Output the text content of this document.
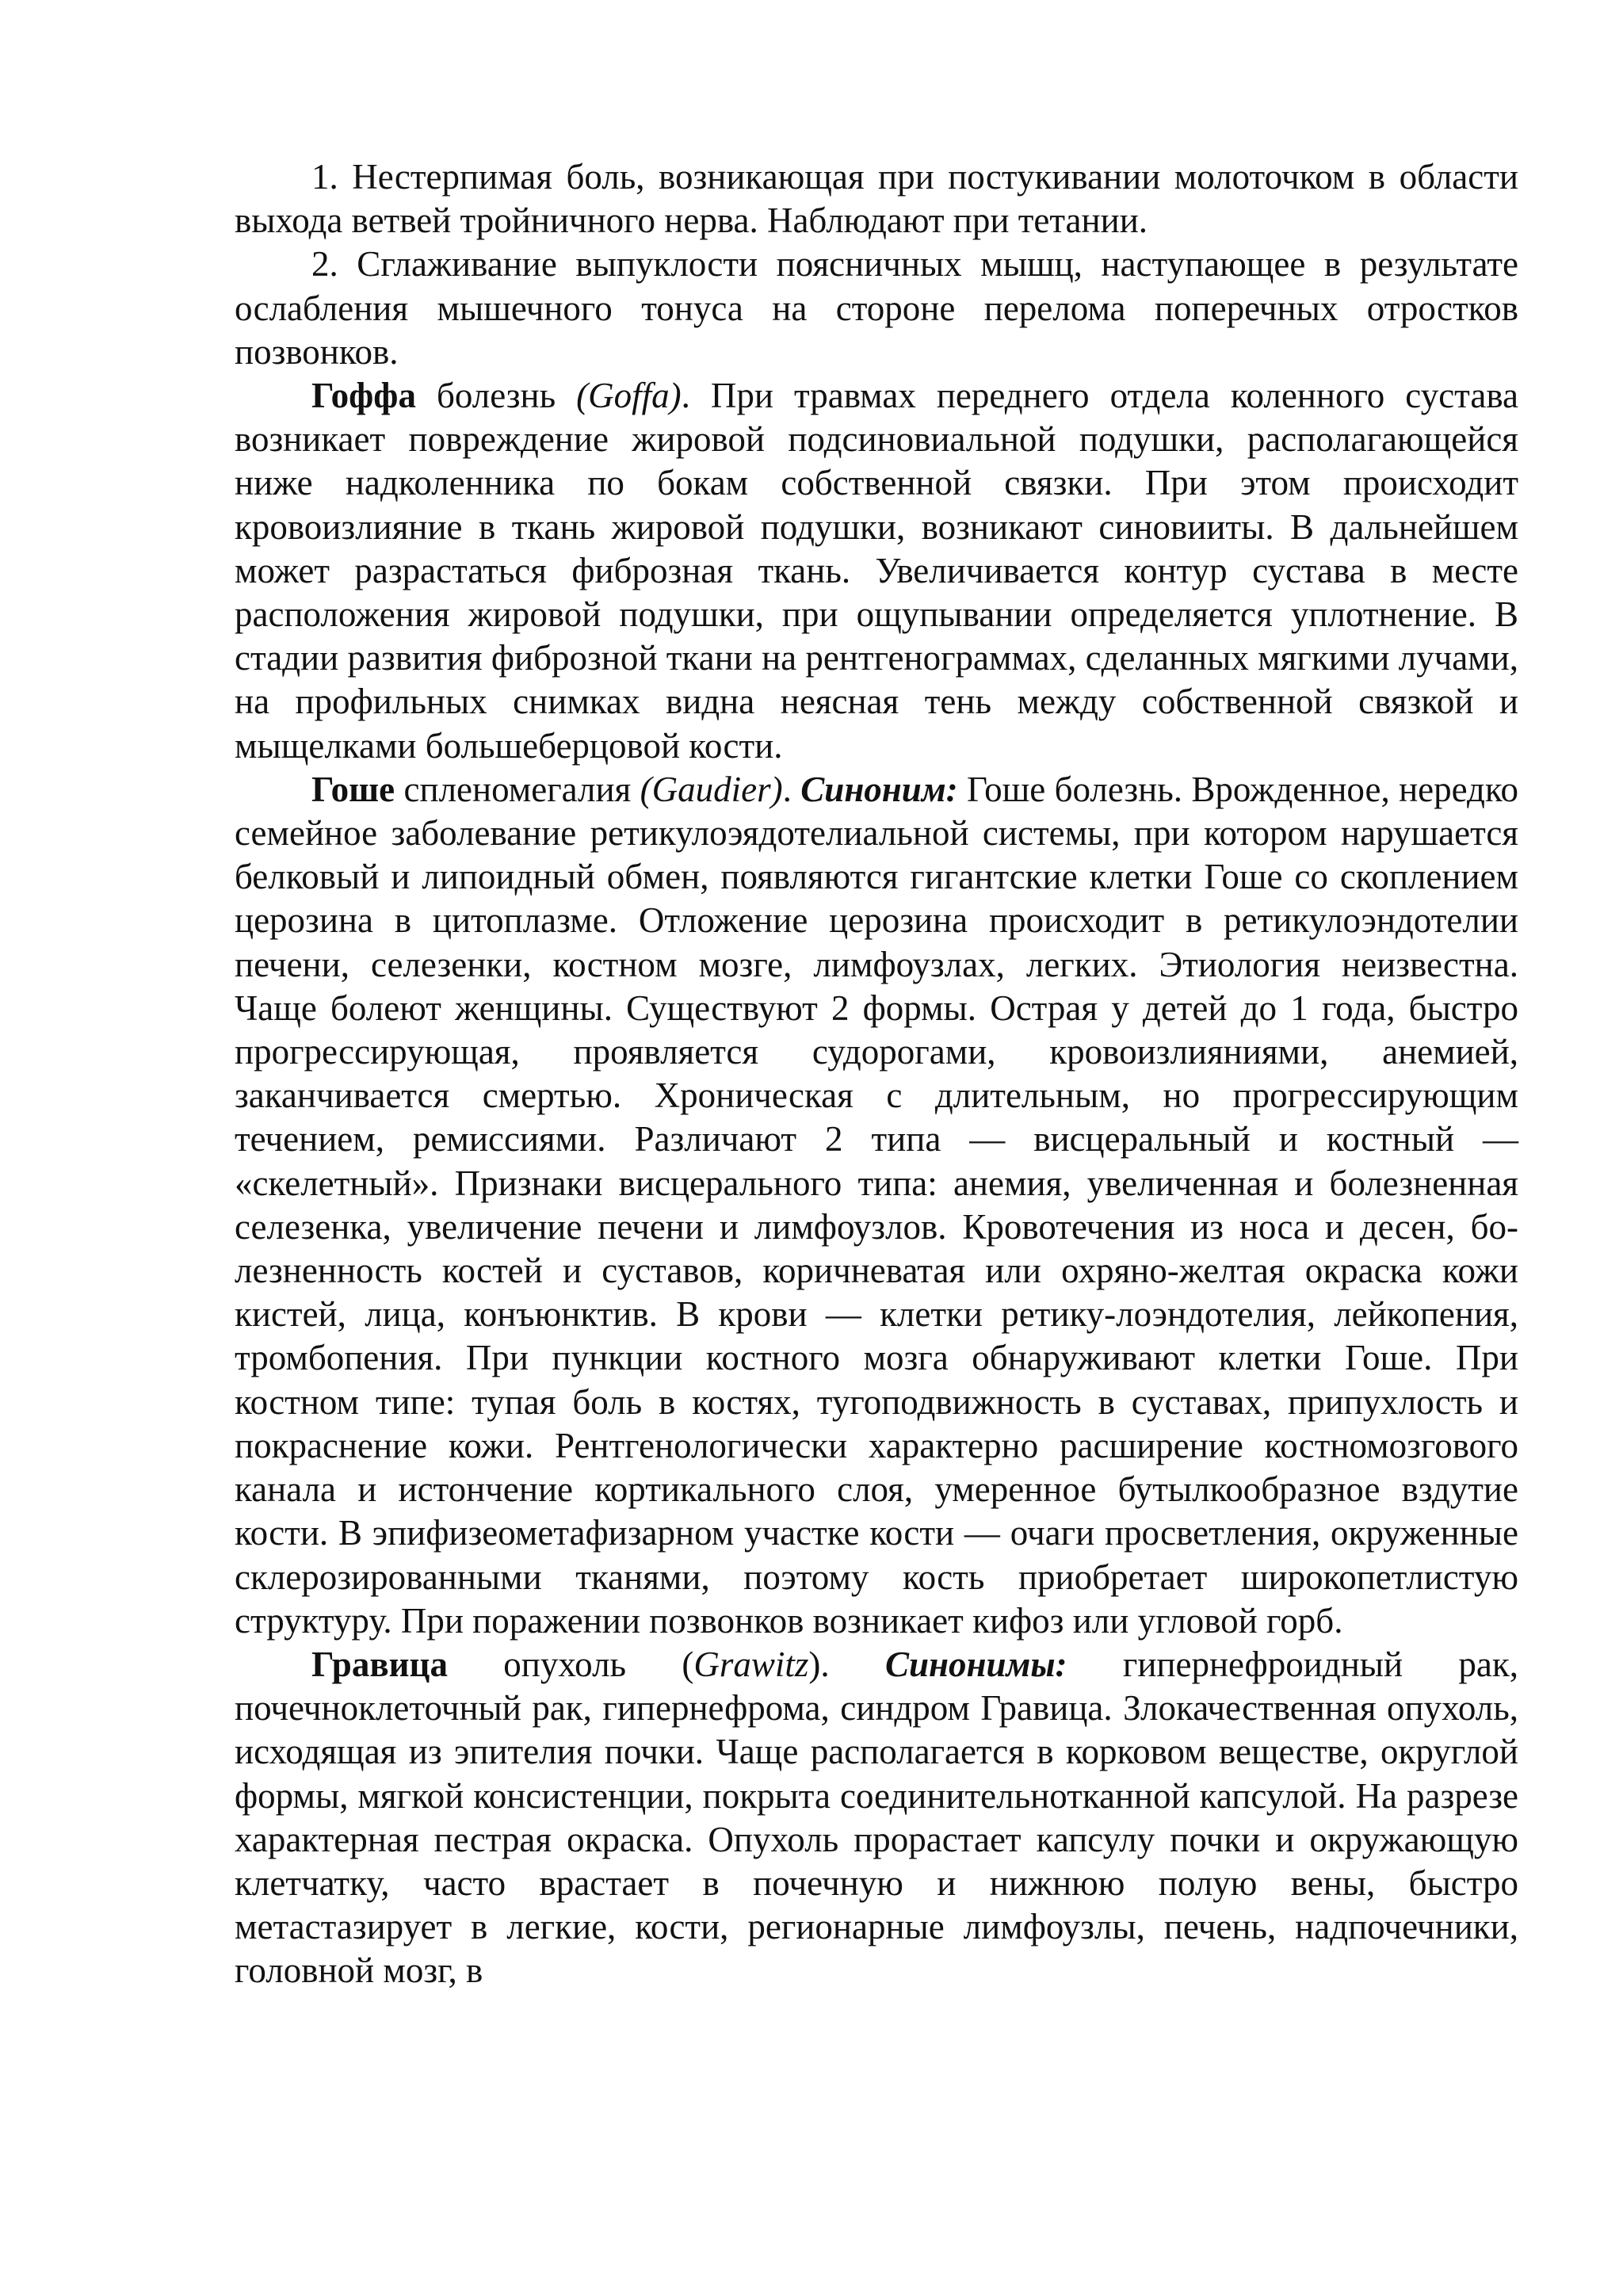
1. Нестерпимая боль, возникающая при постукивании молоточком в области выхода ветвей тройничного нерва. Наблюдают при тетании.

2. Сглаживание выпуклости поясничных мышц, наступающее в результате ослабления мышечного тонуса на стороне перелома поперечных отростков позвонков.

Гоффа болезнь (Goffa). При травмах переднего отдела коленного сустава возникает повреждение жировой подсиновиальной подушки, располагающейся ниже надколенника по бокам собственной связки. При этом происходит кровоизлияние в ткань жировой подушки, возникают синовииты. В дальнейшем может разрастаться фиброзная ткань. Увеличивается контур сустава в месте расположения жировой подушки, при ощупывании определяется уплотнение. В стадии развития фиброзной ткани на рентгенограммах, сделанных мягкими лучами, на профильных снимках видна неясная тень между собственной связкой и мыщелками большеберцовой кости.

Гоше спленомегалия (Gaudier). Синоним: Гоше болезнь. Врожденное, нередко семейное заболевание ретикулоэядотелиальной системы, при котором нарушается белковый и липоидный обмен, появляются гигантские клетки Гоше со скоплением церозина в цитоплазме. Отложение церозина происходит в ретикулоэндотелии печени, селезенки, костном мозге, лимфоузлах, легких. Этиология неизвестна. Чаще болеют женщины. Существуют 2 формы. Острая у детей до 1 года, быстро прогрессирующая, проявляется судорогами, кровоизлияниями, анемией, заканчивается смертью. Хроническая с длительным, но прогрессирующим течением, ремиссиями. Различают 2 типа — висцеральный и костный — «скелетный». Признаки висцерального типа: анемия, увеличенная и болезненная селезенка, увеличение печени и лимфоузлов. Кровотечения из носа и десен, бо-лезненность костей и суставов, коричневатая или охряно-желтая окраска кожи кистей, лица, конъюнктив. В крови — клетки ретику-лоэндотелия, лейкопения, тромбопения. При пункции костного мозга обнаруживают клетки Гоше. При костном типе: тупая боль в костях, тугоподвижность в суставах, припухлость и покраснение кожи. Рентгенологически характерно расширение костномозгового канала и истончение кортикального слоя, умеренное бутылкообразное вздутие кости. В эпифизеометафизарном участке кости — очаги просветления, окруженные склерозированными тканями, поэтому кость приобретает широкопетлистую структуру. При поражении позвонков возникает кифоз или угловой горб.

Гравица опухоль (Grawitz). Синонимы: гипернефроидный рак, почечноклеточный рак, гипернефрома, синдром Гравица. Злокачественная опухоль, исходящая из эпителия почки. Чаще располагается в корковом веществе, округлой формы, мягкой консистенции, покрыта соединительнотканной капсулой. На разрезе характерная пестрая окраска. Опухоль прорастает капсулу почки и окружающую клетчатку, часто врастает в почечную и нижнюю полую вены, быстро метастазирует в легкие, кости, регионарные лимфоузлы, печень, надпочечники, головной мозг, в
